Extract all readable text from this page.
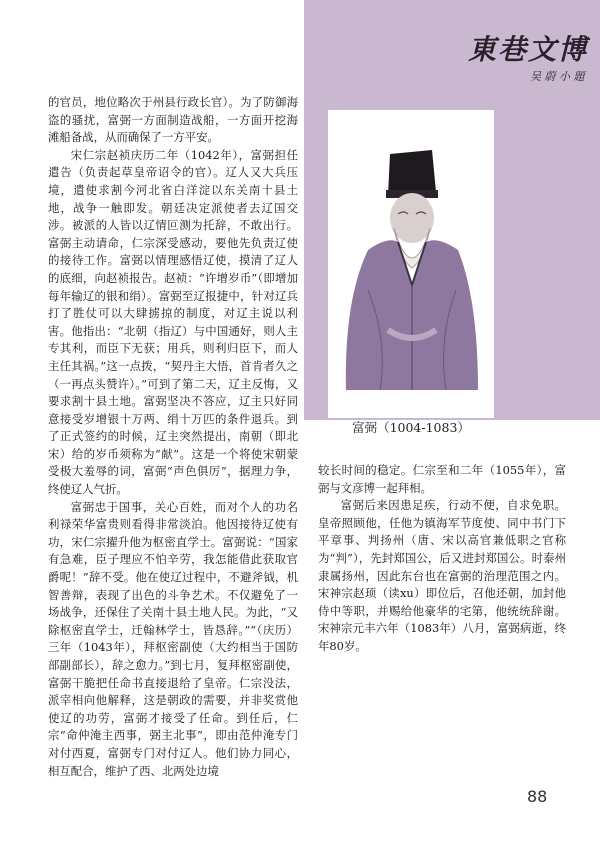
東巷文博
吴 蔚 小 題
富弼（1004-1083）

的官员，地位略次于州县行政长官）。为了防御海盗的骚扰，富弼一方面制造战船，一方面开挖海滩船备战，从而确保了一方平安。

宋仁宗赵祯庆历二年（1042年），富弼担任遣告（负责起草皇帝诏令的官）。辽人又大兵压境，遣使求割今河北省白洋淀以东关南十县土地，战争一触即发。朝廷决定派使者去辽国交涉。被派的人皆以辽情叵测为托辞，不敢出行。富弼主动请命，仁宗深受感动，要他先负责辽使的接待工作。富弼以情理感悟辽使，摸清了辽人的底细，向赵祯报告。赵祯：“许增岁币”（即增加每年输辽的银和绢）。富弼至辽报捷中，针对辽兵打了胜仗可以大肆掳掠的制度，对辽主说以利害。他指出：“北朝（指辽）与中国通好，则人主专其利，而臣下无获；用兵，则利归臣下，而人主任其祸。”这一点拨，“契丹主大悟，首肯者久之（一再点头赞许）。”可到了第二天，辽主反悔，又要求割十县土地。富弼坚决不答应，辽主只好同意接受岁增银十万两、绢十万匹的条件退兵。到了正式签约的时候，辽主突然提出，南朝（即北宋）给的岁币须称为“献”。这是一个将使宋朝蒙受极大羞辱的词，富弼“声色俱厉”，据理力争，终使辽人气折。

富弼忠于国事，关心百姓，而对个人的功名利禄荣华富贵则看得非常淡泊。他因接待辽使有功，宋仁宗擢升他为枢密直学士。富弼说：“国家有急难，臣子理应不怕辛劳，我怎能借此获取官爵呢！”辞不受。他在使辽过程中，不避斧钺，机智善辩，表现了出色的斗争艺术。不仅避免了一场战争，还保住了关南十县土地人民。为此，“又除枢密直学士，迁翰林学士，皆恳辞。”“（庆历）三年（1043年），拜枢密副使（大约相当于国防部副部长），辞之愈力。”到七月，复拜枢密副使，富弼干脆把任命书直接退给了皇帝。仁宗没法，派宰相向他解释，这是朝政的需要，并非奖赏他使辽的功劳，富弼才接受了任命。到任后，仁宗“命仲淹主西事，弼主北事”，即由范仲淹专门对付西夏，富弼专门对付辽人。他们协力同心，相互配合，维护了西、北两处边境

较长时间的稳定。仁宗至和二年（1055年），富弼与文彦博一起拜相。

富弼后来因患足疾，行动不便，自求免职。皇帝照顾他，任他为镇海军节度使、同中书门下平章事、判扬州（唐、宋以高官兼低职之官称为“判”），先封郑国公，后又进封郑国公。时泰州隶属扬州，因此东台也在富弼的治理范围之内。宋神宗赵顼（读xu）即位后，召他还朝，加封他侍中等职，并赐给他豪华的宅第，他统统辞谢。宋神宗元丰六年（1083年）八月，富弼病逝，终年80岁。

88
